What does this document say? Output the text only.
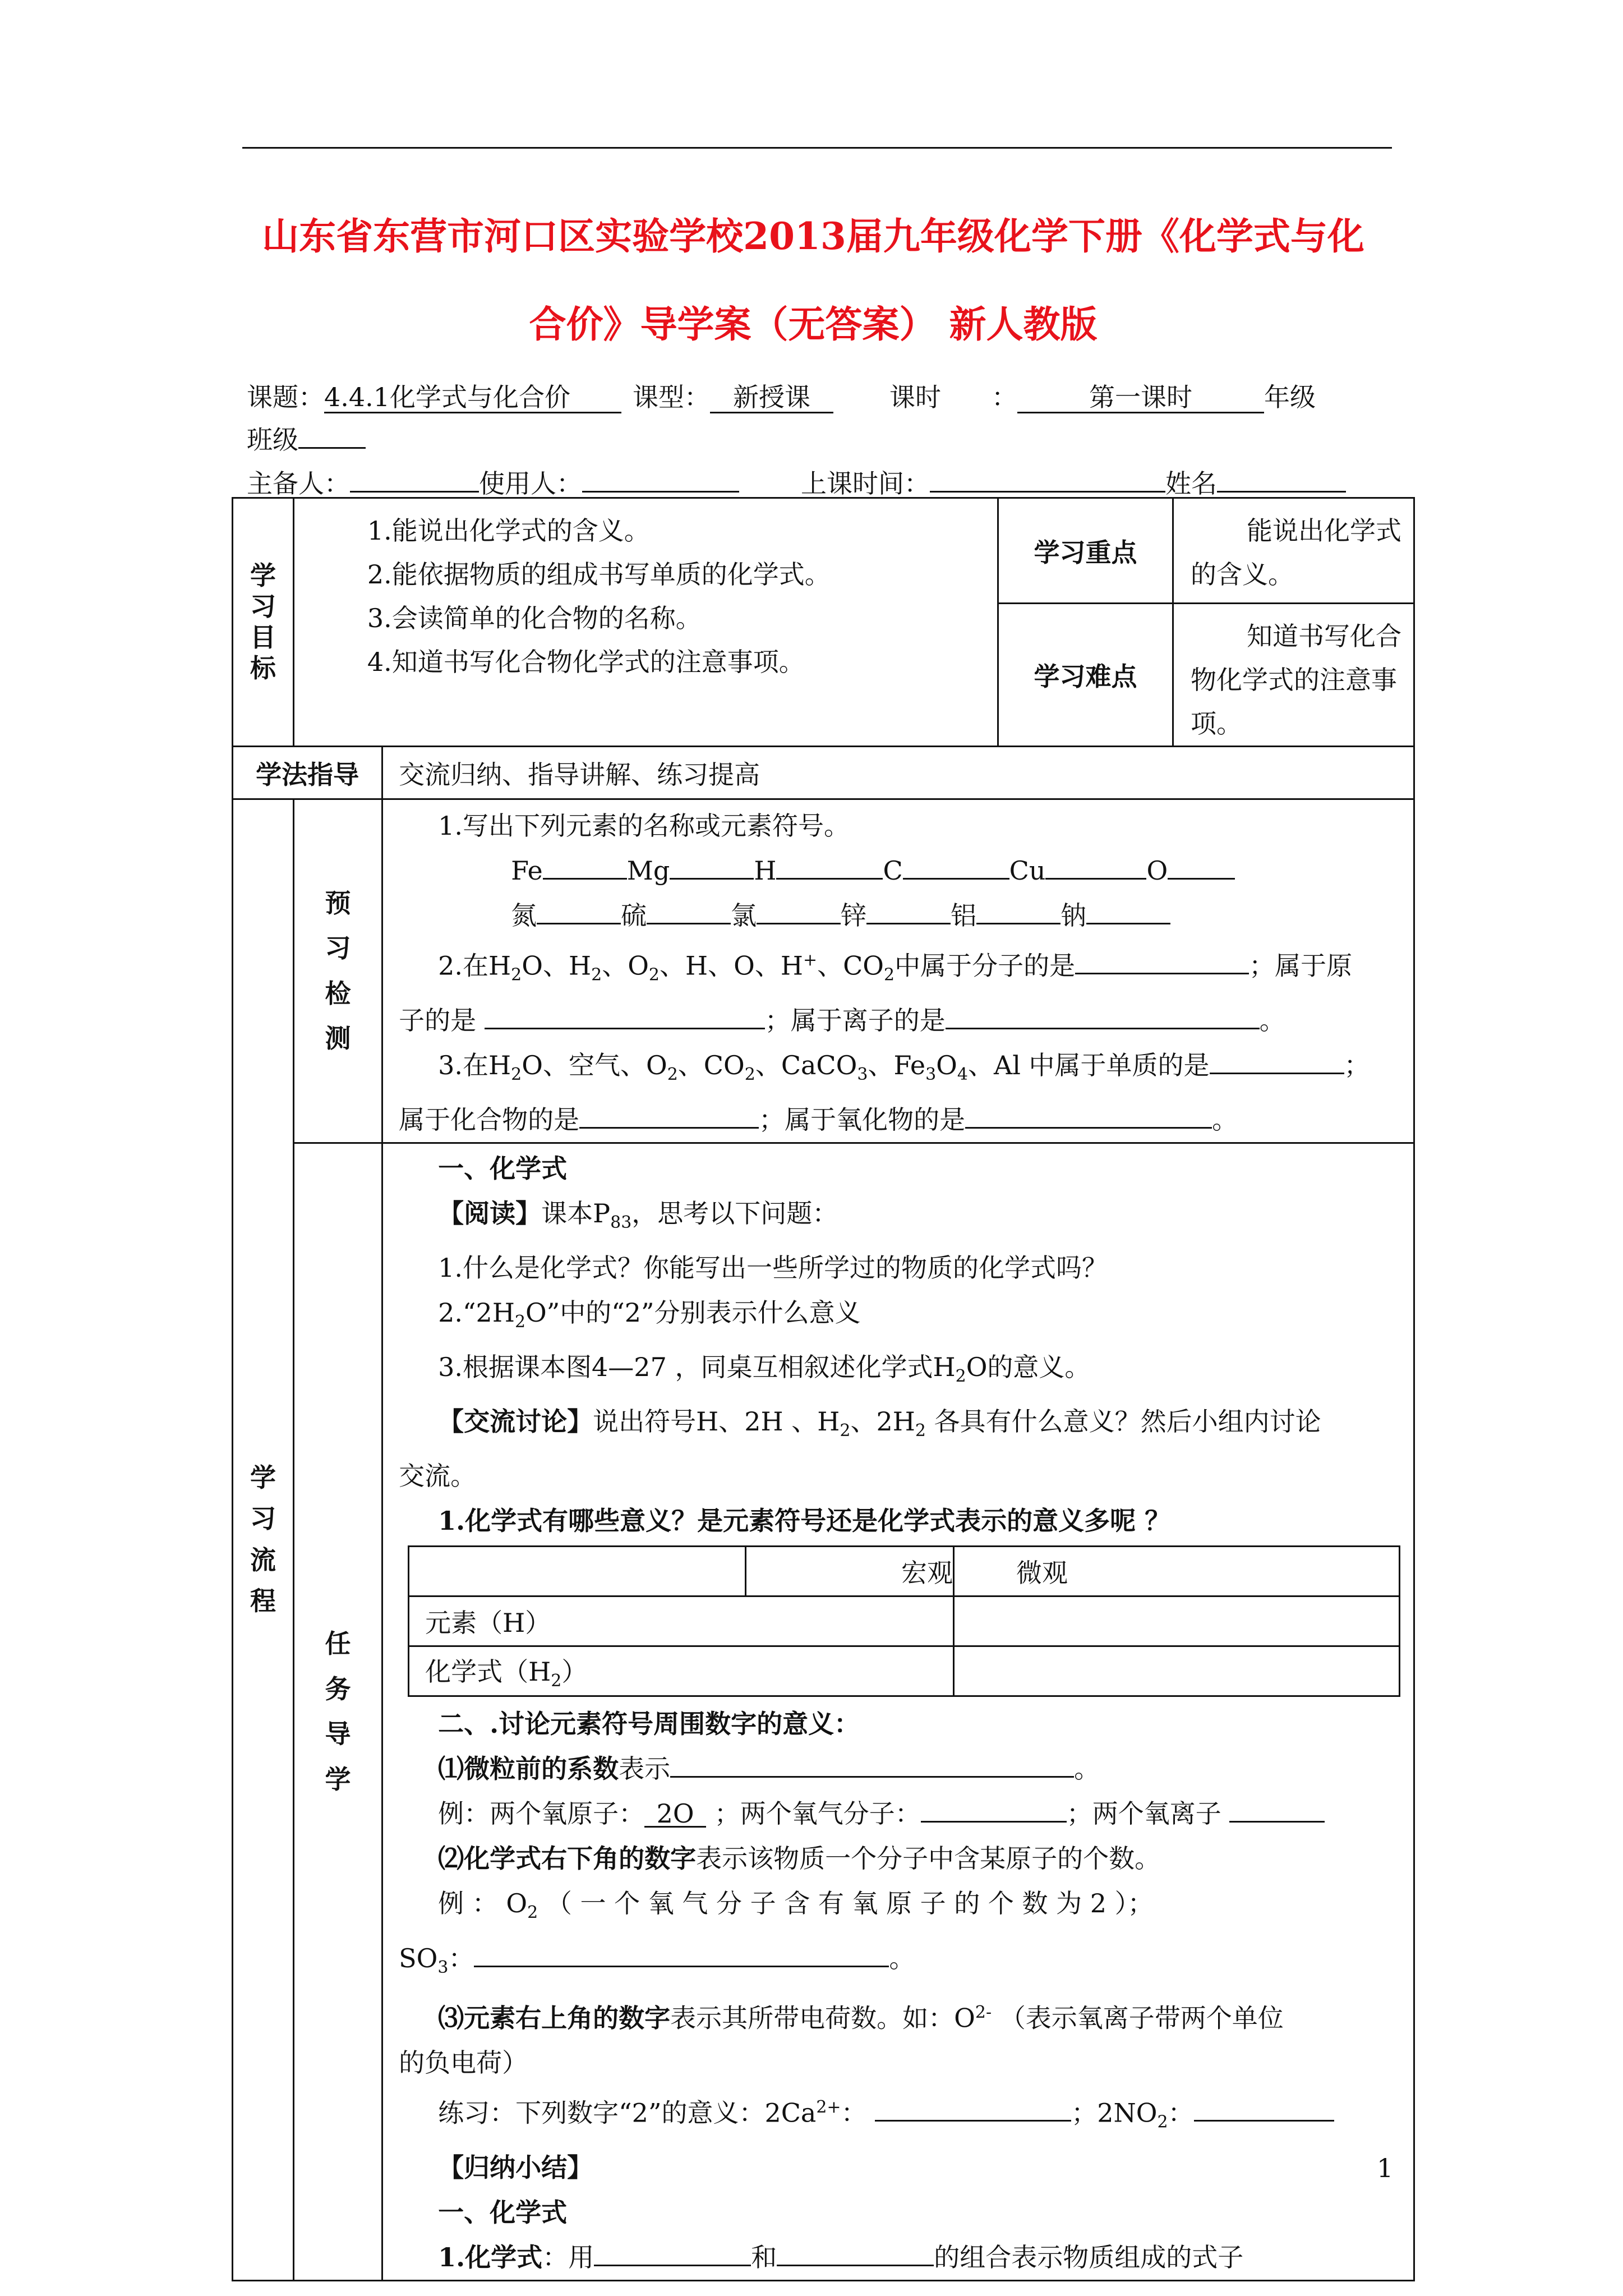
山东省东营市河口区实验学校2013届九年级化学下册《化学式与化
合价》导学案（无答案） 新人教版
课题：4.4.1化学式与化合价 课型： 新授课	课时 ：	第一课时	年级
班级
主备人：	使用人：	上课时间：	姓名
学习目标	
1.能说出化学式的含义。
2.能依据物质的组成书写单质的化学式。
3.会读简单的化合物的名称。
4.知道书写化合物化学式的注意事项。
	学习重点	能说出化学式的含义。
学习难点	知道书写化合物化学式的注意事项。
学法指导	交流归纳、指导讲解、练习提高
学习流程	预习检测	
1.写出下列元素的名称或元素符号。
Fe	Mg	H	C	Cu	O
氮	硫	氯	锌	铝	钠
2.在$H_2O$、$H_2$、$O_2$、H、O、H+、$CO_2$中属于分子的是	；属于原
子的是	；属于离子的是	。
3.在$H_2O$、空气、$O_2$、$CO_2$、CaCO$_3$、$Fe_3O_4$、Al 中属于单质的是	；
属于化合物的是	；属于氧化物的是	。

任务导学	
一、化学式
【阅读】课本$P_{83}$，思考以下问题：
1.什么是化学式？你能写出一些所学过的物质的化学式吗？
$2.“2H_2O$”中的“2”分别表示什么意义
3.根据课本图4—27 ，同桌互相叙述化学式$H_2O$的意义。
【交流讨论】说出符号H、2H 、$H_2$、$2H_2$ 各具有什么意义？然后小组内讨论
交流。
1.化学式有哪些意义？是元素符号还是化学式表示的意义多呢 ？
	宏观	微观
元素（H）	
化学式$(H_2)$	
二、.讨论元素符号周围数字的意义：
⑴微粒前的系数表示	。
例：两个氧原子： 2O ；两个氧气分子：	；两个氧离子
⑵化学式右下角的数字表示该物质一个分子中含某原子的个数。
例 ： $O_2$ （ 一 个 氧 气 分 子 含 有 氧 原 子 的 个 数 为 2 ）；
$SO_3$：	。
⑶元素右上角的数字表示其所带电荷数。如：$O^{2-}$ （表示氧离子带两个单位
的负电荷）
练习：下列数字“2”的意义：$2Ca^{2+}$：	；$2NO_2$：
【归纳小结】
一、化学式
1.化学式：用	和	的组合表示物质组成的式子
1
